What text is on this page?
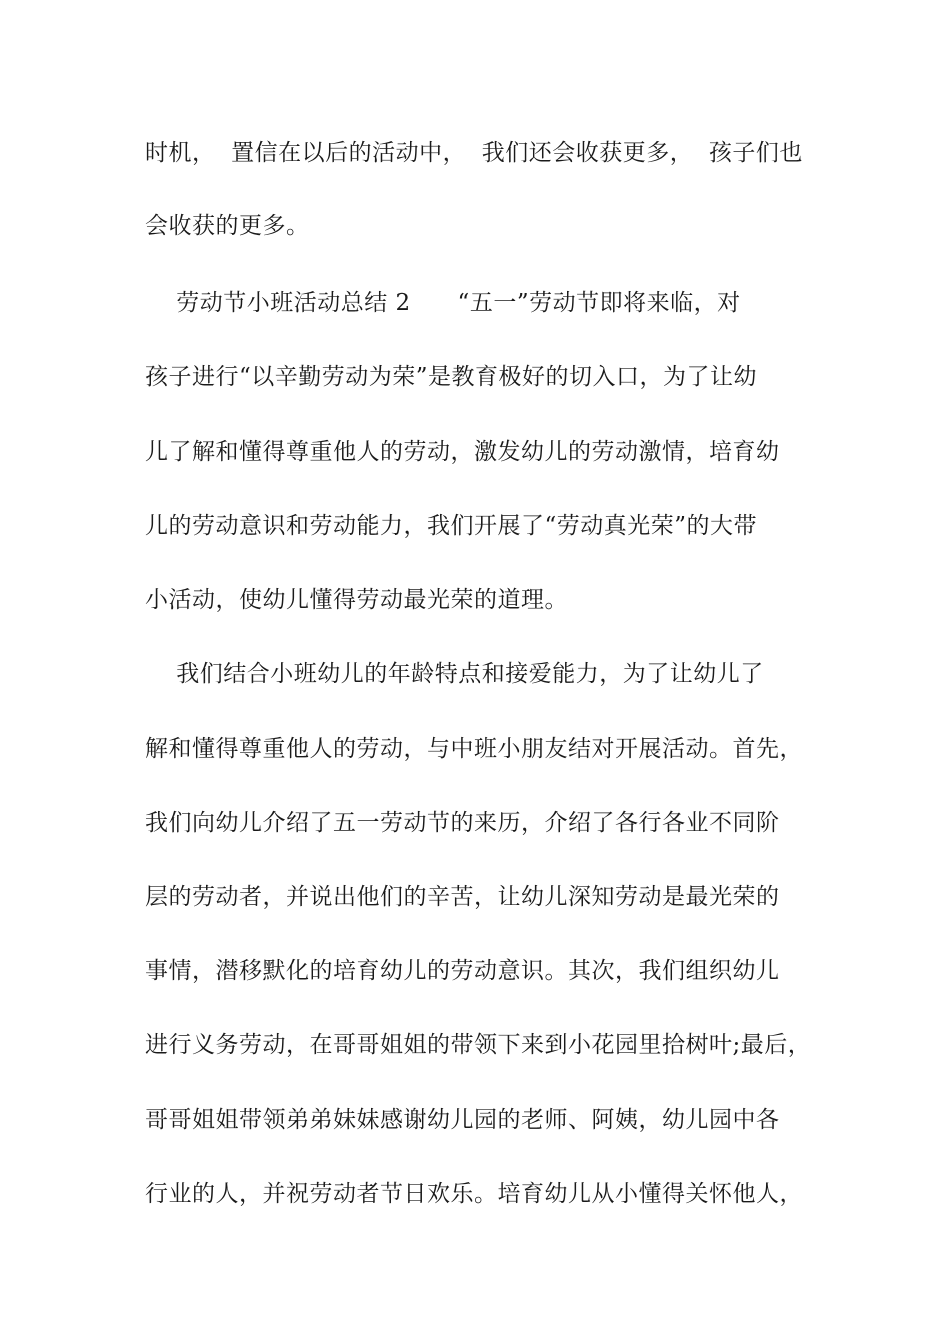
时机，  置信在以后的活动中，  我们还会收获更多，  孩子们也
会收获的更多。
劳动节小班活动总结 2      “五一”劳动节即将来临，对
孩子进行“以辛勤劳动为荣”是教育极好的切入口，为了让幼
儿了解和懂得尊重他人的劳动，激发幼儿的劳动激情，培育幼
儿的劳动意识和劳动能力，我们开展了“劳动真光荣”的大带
小活动，使幼儿懂得劳动最光荣的道理。
我们结合小班幼儿的年龄特点和接爱能力，为了让幼儿了
解和懂得尊重他人的劳动，与中班小朋友结对开展活动。首先，
我们向幼儿介绍了五一劳动节的来历，介绍了各行各业不同阶
层的劳动者，并说出他们的辛苦，让幼儿深知劳动是最光荣的
事情，潜移默化的培育幼儿的劳动意识。其次，我们组织幼儿
进行义务劳动，在哥哥姐姐的带领下来到小花园里拾树叶;最后，
哥哥姐姐带领弟弟妹妹感谢幼儿园的老师、阿姨，幼儿园中各
行业的人，并祝劳动者节日欢乐。培育幼儿从小懂得关怀他人，
